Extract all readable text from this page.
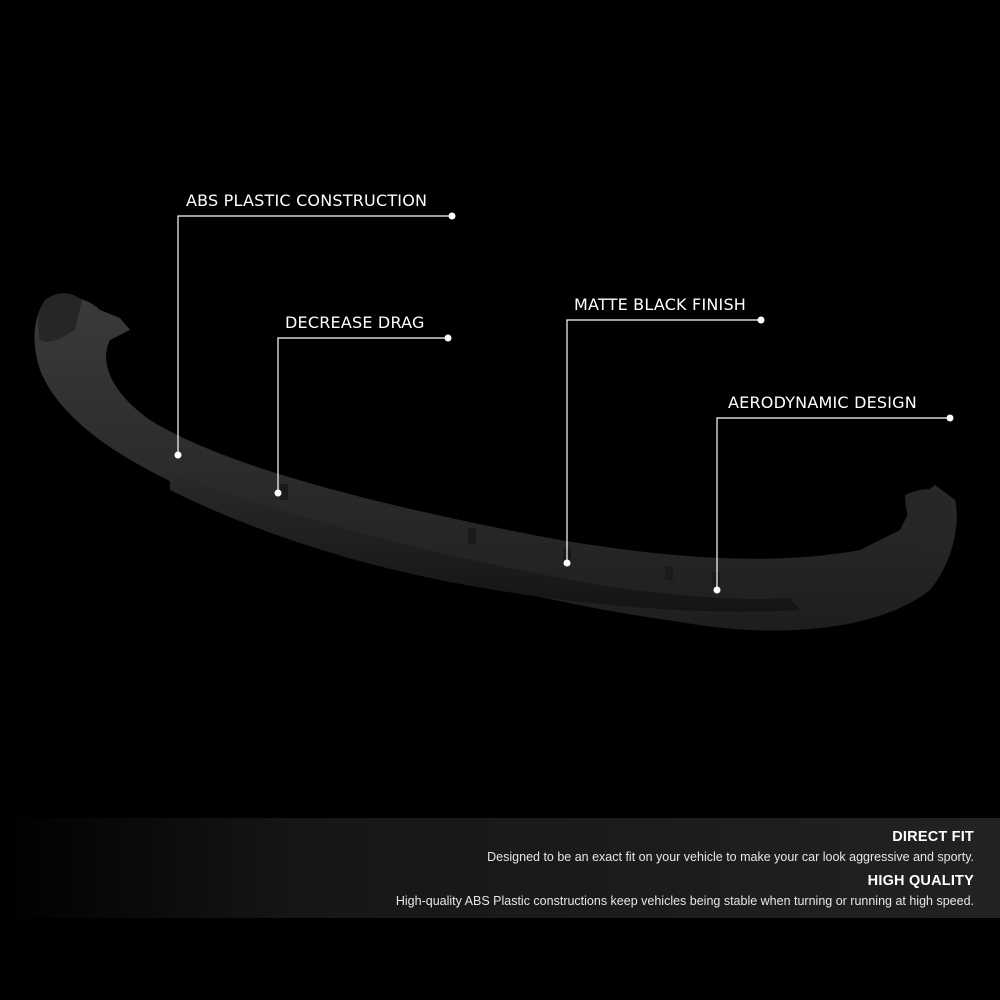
ABS PLASTIC CONSTRUCTION
DECREASE DRAG
MATTE BLACK FINISH
AERODYNAMIC DESIGN
DIRECT FIT
Designed to be an exact fit on your vehicle to make your car look aggressive and sporty.
HIGH QUALITY
High-quality ABS Plastic constructions keep vehicles being stable when turning or running at high speed.
